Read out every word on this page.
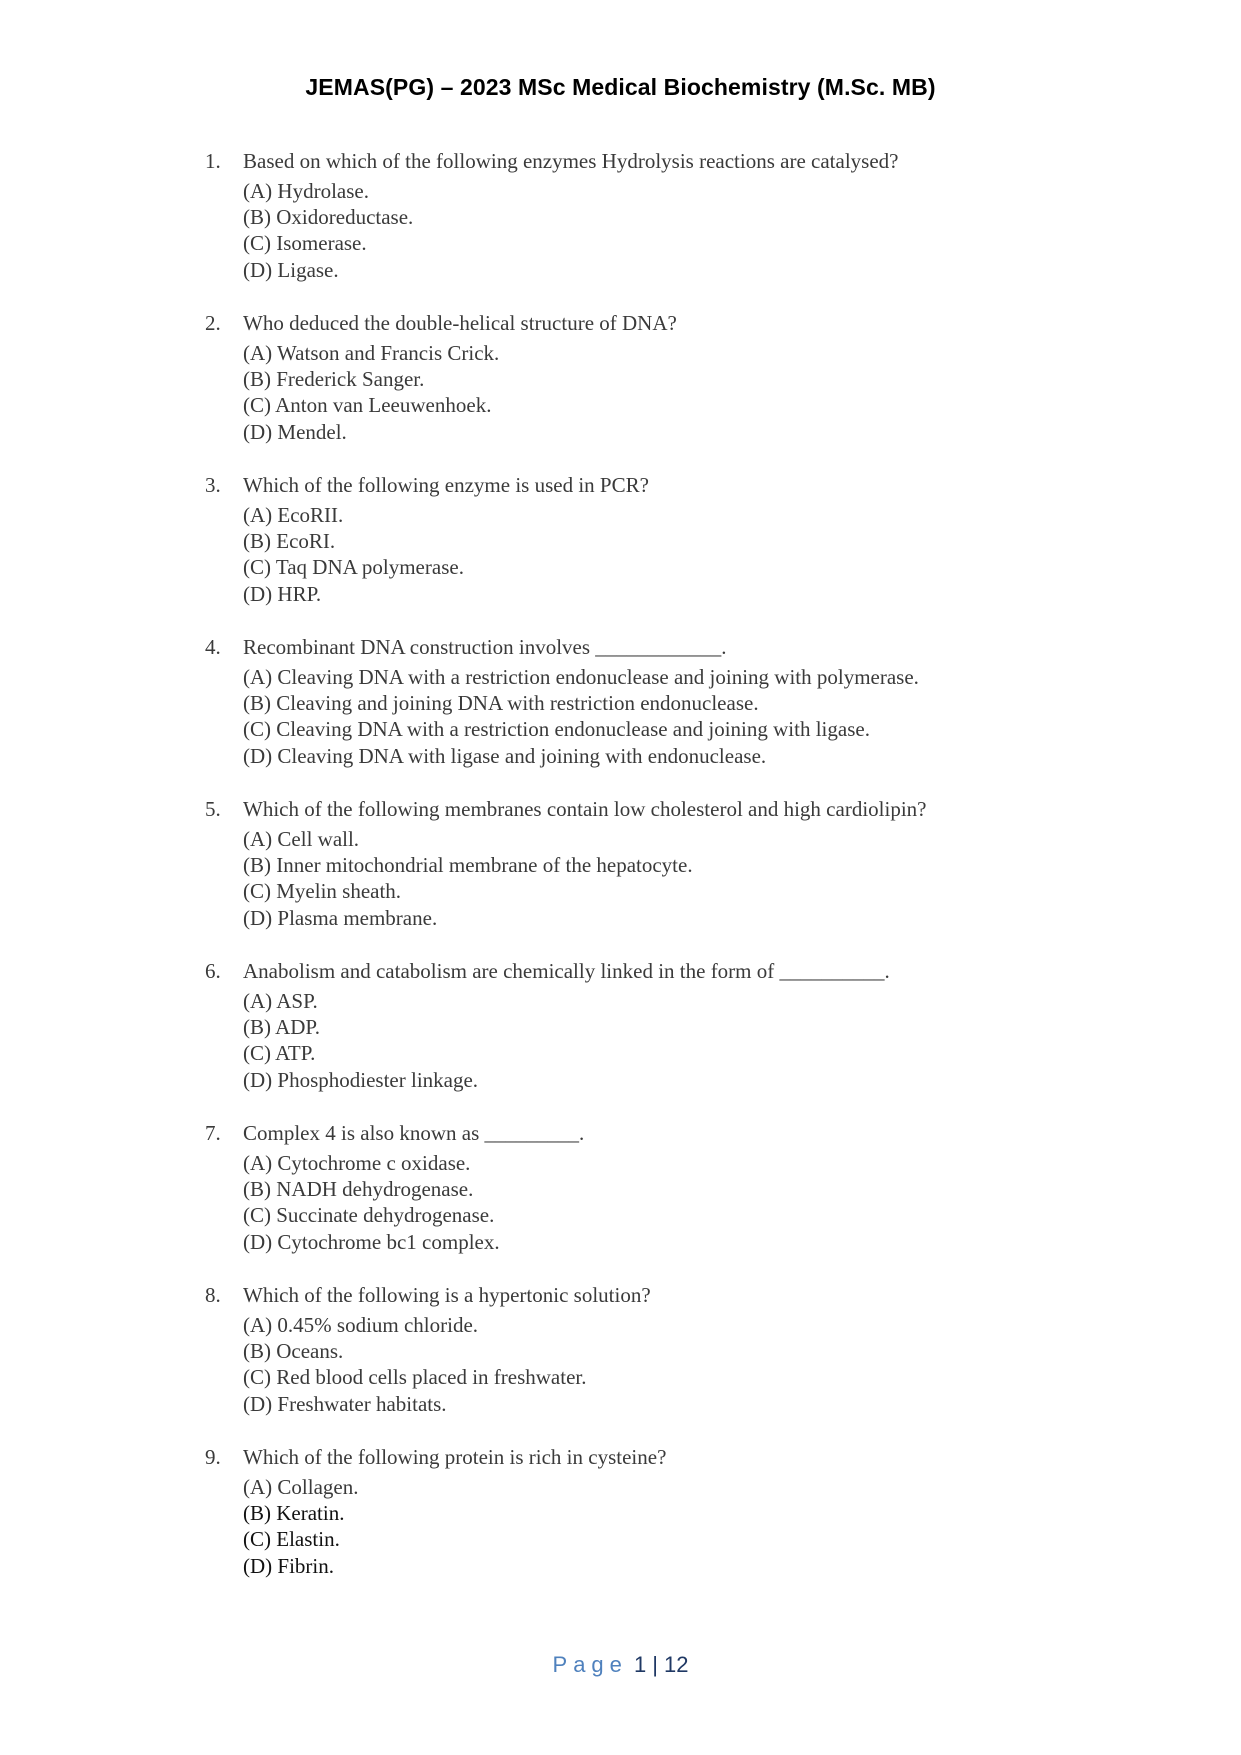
JEMAS(PG) – 2023 MSc Medical Biochemistry (M.Sc. MB)
1. Based on which of the following enzymes Hydrolysis reactions are catalysed?
(A) Hydrolase.
(B) Oxidoreductase.
(C) Isomerase.
(D) Ligase.
2. Who deduced the double-helical structure of DNA?
(A) Watson and Francis Crick.
(B) Frederick Sanger.
(C) Anton van Leeuwenhoek.
(D) Mendel.
3. Which of the following enzyme is used in PCR?
(A) EcoRII.
(B) EcoRI.
(C) Taq DNA polymerase.
(D) HRP.
4. Recombinant DNA construction involves ____________.
(A) Cleaving DNA with a restriction endonuclease and joining with polymerase.
(B) Cleaving and joining DNA with restriction endonuclease.
(C) Cleaving DNA with a restriction endonuclease and joining with ligase.
(D) Cleaving DNA with ligase and joining with endonuclease.
5. Which of the following membranes contain low cholesterol and high cardiolipin?
(A) Cell wall.
(B) Inner mitochondrial membrane of the hepatocyte.
(C) Myelin sheath.
(D) Plasma membrane.
6. Anabolism and catabolism are chemically linked in the form of __________.
(A) ASP.
(B) ADP.
(C) ATP.
(D) Phosphodiester linkage.
7. Complex 4 is also known as _________.
(A) Cytochrome c oxidase.
(B) NADH dehydrogenase.
(C) Succinate dehydrogenase.
(D) Cytochrome bc1 complex.
8. Which of the following is a hypertonic solution?
(A) 0.45% sodium chloride.
(B) Oceans.
(C) Red blood cells placed in freshwater.
(D) Freshwater habitats.
9. Which of the following protein is rich in cysteine?
(A) Collagen.
(B) Keratin.
(C) Elastin.
(D) Fibrin.
Page 1 | 12
